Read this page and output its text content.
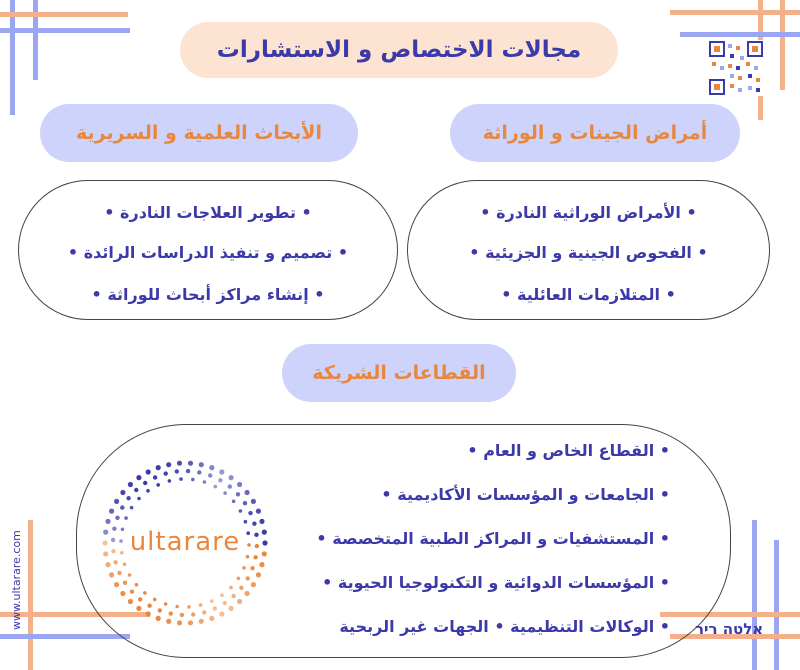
مجالات الاختصاص و الاستشارات
أمراض الجينات و الوراثة
الأبحاث العلمية و السريرية
• الأمراض الوراثية النادرة •
• الفحوص الجينية و الجزيئية •
• المتلازمات العائلية •
• تطوير العلاجات النادرة •
• تصميم و تنفيذ الدراسات الرائدة •
• إنشاء مراكز أبحاث للوراثة •
القطاعات الشريكة
• القطاع الخاص و العام •
• الجامعات و المؤسسات الأكاديمية •
• المستشفيات و المراكز الطبية المتخصصة •
• المؤسسات الدوائية و التكنولوجيا الحيوية •
• الوكالات التنظيمية • الجهات غير الربحية
ultarare
www.ultarare.com	אלטה ריר
